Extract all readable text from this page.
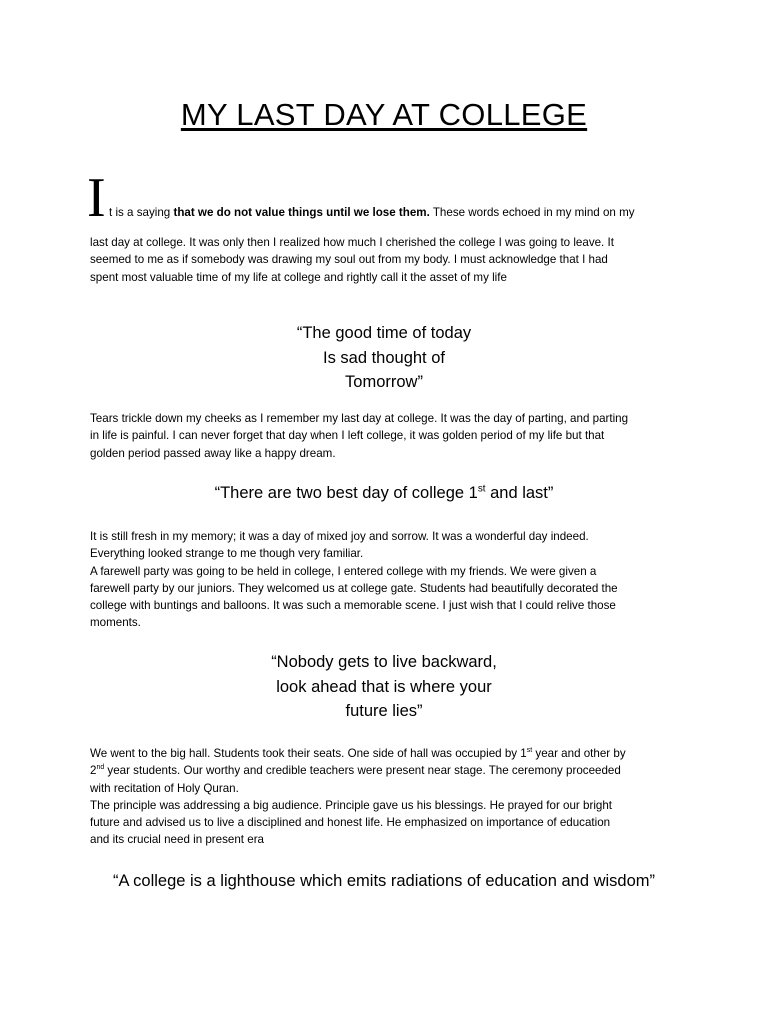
MY LAST DAY AT COLLEGE
I t is a saying that we do not value things until we lose them. These words echoed in my mind on my
last day at college. It was only then I realized how much I cherished the college I was going to leave. It
seemed to me as if somebody was drawing my soul out from my body. I must acknowledge that I had
spent most valuable time of my life at college and rightly call it the asset of my life
“The good time of today
Is sad thought of
Tomorrow”
Tears trickle down my cheeks as I remember my last day at college. It was the day of parting, and parting
in life is painful. I can never forget that day when I left college, it was golden period of my life but that
golden period passed away like a happy dream.
“There are two best day of college 1st and last”
It is still fresh in my memory; it was a day of mixed joy and sorrow. It was a wonderful day indeed.
Everything looked strange to me though very familiar.
A farewell party was going to be held in college, I entered college with my friends. We were given a
farewell party by our juniors. They welcomed us at college gate. Students had beautifully decorated the
college with buntings and balloons. It was such a memorable scene. I just wish that I could relive those
moments.
“Nobody gets to live backward,
look ahead that is where your
future lies”
We went to the big hall. Students took their seats. One side of hall was occupied by 1st year and other by
2nd year students. Our worthy and credible teachers were present near stage. The ceremony proceeded
with recitation of Holy Quran.
The principle was addressing a big audience. Principle gave us his blessings. He prayed for our bright
future and advised us to live a disciplined and honest life. He emphasized on importance of education
and its crucial need in present era
“A college is a lighthouse which emits radiations of education and wisdom”
